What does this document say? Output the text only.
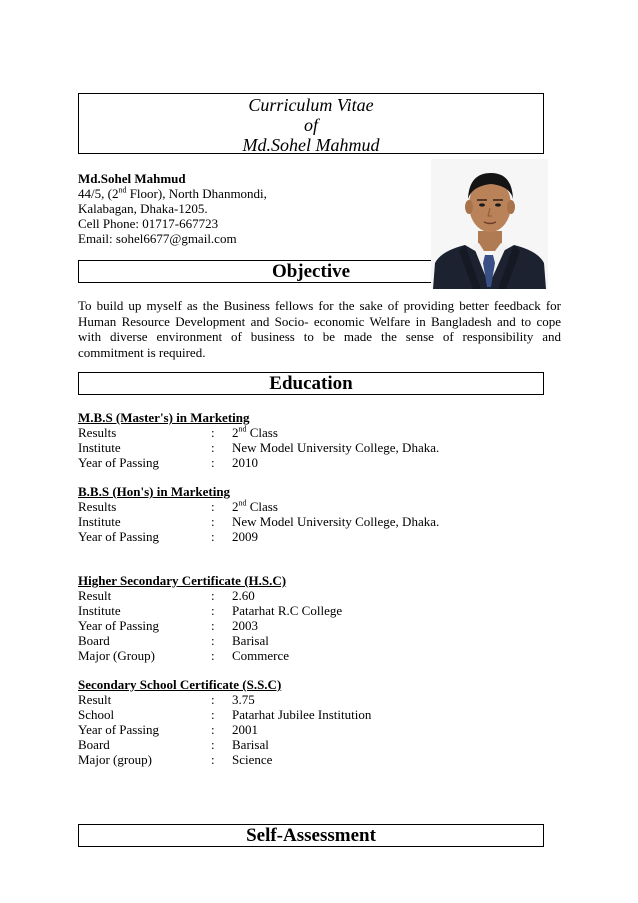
Curriculum Vitae
of
Md.Sohel Mahmud
Md.Sohel Mahmud
44/5, (2nd Floor), North Dhanmondi,
Kalabagan, Dhaka-1205.
Cell Phone: 01717-667723
Email: sohel6677@gmail.com
Objective
To build up myself as the Business fellows for the sake of providing better feedback for Human Resource Development and Socio- economic Welfare in Bangladesh and to cope with diverse environment of business to be made the sense of responsibility and commitment is required.
Education
M.B.S (Master's) in Marketing
Results	:	2nd Class
Institute	:	New Model University College, Dhaka.
Year of Passing	:	2010
B.B.S (Hon's) in Marketing
Results	:	2nd Class
Institute	:	New Model University College, Dhaka.
Year of Passing	:	2009
Higher Secondary Certificate (H.S.C)
Result	:	2.60
Institute	:	Patarhat R.C College
Year of Passing	:	2003
Board	:	Barisal
Major (Group)	:	Commerce
Secondary School Certificate (S.S.C)
Result	:	3.75
School	:	Patarhat Jubilee Institution
Year of Passing	:	2001
Board	:	Barisal
Major (group)	:	Science
Self-Assessment
